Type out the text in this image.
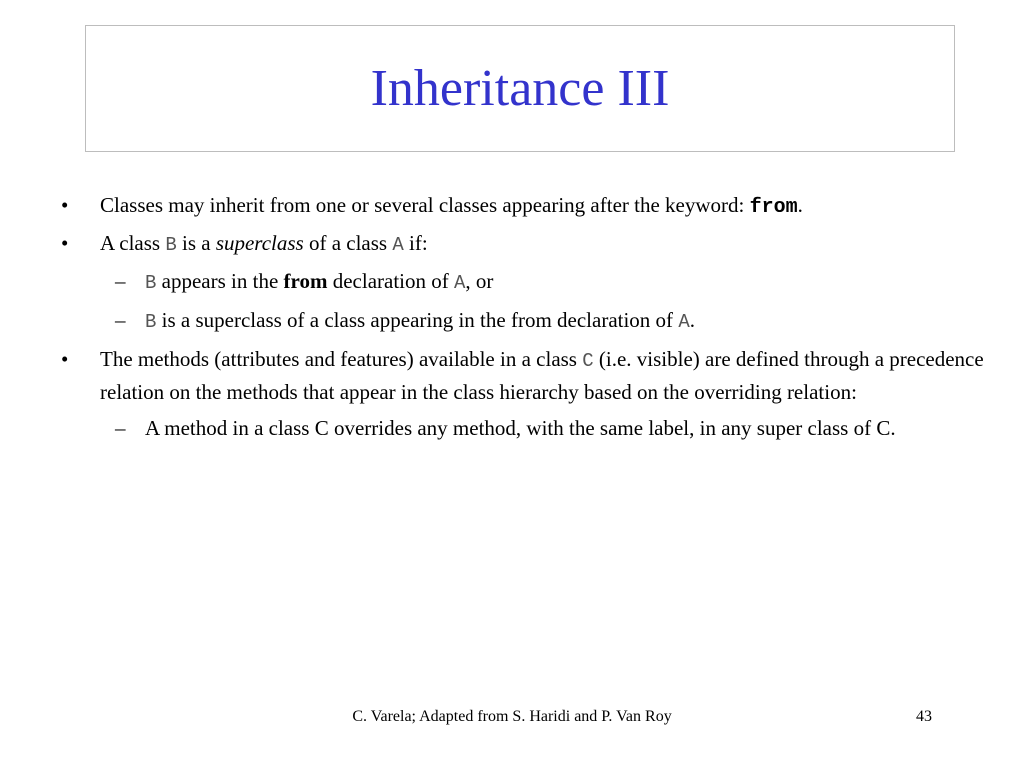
Inheritance III
• Classes may inherit from one or several classes appearing after the keyword: from.
• A class B is a superclass of a class A if:
– B appears in the from declaration of A, or
– B is a superclass of a class appearing in the from declaration of A.
• The methods (attributes and features) available in a class C (i.e. visible) are defined through a precedence relation on the methods that appear in the class hierarchy based on the overriding relation:
– A method in a class C overrides any method, with the same label, in any super class of C.
C. Varela; Adapted from S. Haridi and P. Van Roy	43
